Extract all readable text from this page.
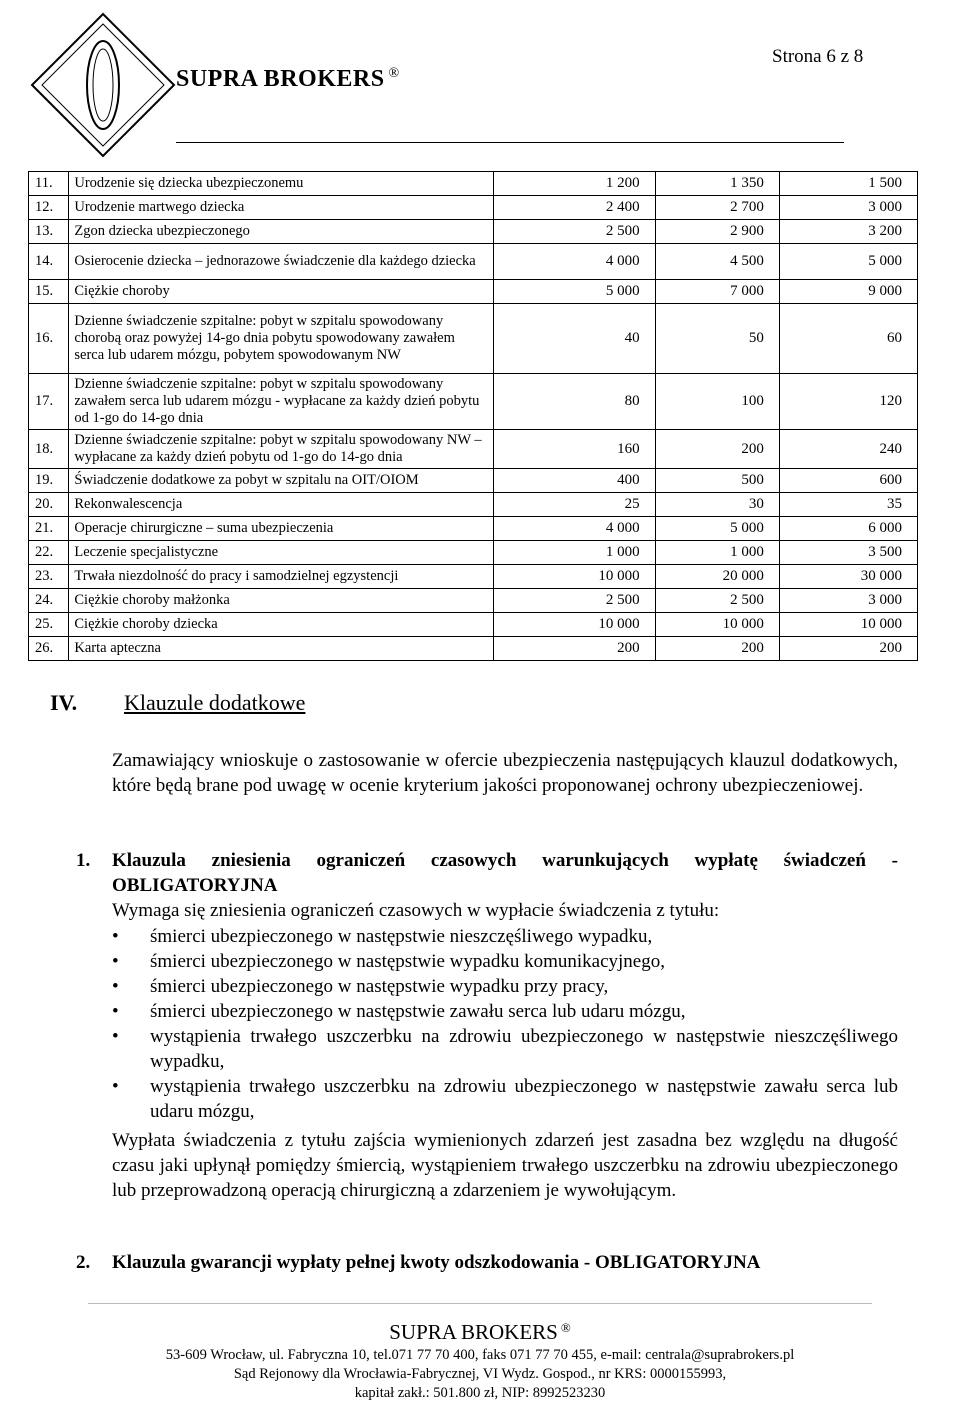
SUPRA BROKERS ®
Strona 6 z 8
11.	Urodzenie się dziecka ubezpieczonemu	1 200	1 350	1 500
12.	Urodzenie martwego dziecka	2 400	2 700	3 000
13.	Zgon dziecka ubezpieczonego	2 500	2 900	3 200
14.	Osierocenie dziecka – jednorazowe świadczenie dla każdego dziecka	4 000	4 500	5 000
15.	Ciężkie choroby	5 000	7 000	9 000
16.	Dzienne świadczenie szpitalne: pobyt w szpitalu spowodowany chorobą oraz powyżej 14-go dnia pobytu spowodowany zawałem serca lub udarem mózgu, pobytem spowodowanym NW	40	50	60
17.	Dzienne świadczenie szpitalne: pobyt w szpitalu spowodowany zawałem serca lub udarem mózgu - wypłacane za każdy dzień pobytu od 1-go do 14-go dnia	80	100	120
18.	Dzienne świadczenie szpitalne: pobyt w szpitalu spowodowany NW – wypłacane za każdy dzień pobytu od 1-go do 14-go dnia	160	200	240
19.	Świadczenie dodatkowe za pobyt w szpitalu na OIT/OIOM	400	500	600
20.	Rekonwalescencja	25	30	35
21.	Operacje chirurgiczne – suma ubezpieczenia	4 000	5 000	6 000
22.	Leczenie specjalistyczne	1 000	1 000	3 500
23.	Trwała niezdolność do pracy i samodzielnej egzystencji	10 000	20 000	30 000
24.	Ciężkie choroby małżonka	2 500	2 500	3 000
25.	Ciężkie choroby dziecka	10 000	10 000	10 000
26.	Karta apteczna	200	200	200
IV. Klauzule dodatkowe
Zamawiający wnioskuje o zastosowanie w ofercie ubezpieczenia następujących klauzul dodatkowych, które będą brane pod uwagę w ocenie kryterium jakości proponowanej ochrony ubezpieczeniowej.
1. Klauzula zniesienia ograniczeń czasowych warunkujących wypłatę świadczeń -
OBLIGATORYJNA
Wymaga się zniesienia ograniczeń czasowych w wypłacie świadczenia z tytułu:
• śmierci ubezpieczonego w następstwie nieszczęśliwego wypadku,
• śmierci ubezpieczonego w następstwie wypadku komunikacyjnego,
• śmierci ubezpieczonego w następstwie wypadku przy pracy,
• śmierci ubezpieczonego w następstwie zawału serca lub udaru mózgu,
• wystąpienia trwałego uszczerbku na zdrowiu ubezpieczonego w następstwie nieszczęśliwego wypadku,
• wystąpienia trwałego uszczerbku na zdrowiu ubezpieczonego w następstwie zawału serca lub udaru mózgu,
Wypłata świadczenia z tytułu zajścia wymienionych zdarzeń jest zasadna bez względu na długość czasu jaki upłynął pomiędzy śmiercią, wystąpieniem trwałego uszczerbku na zdrowiu ubezpieczonego lub przeprowadzoną operacją chirurgiczną a zdarzeniem je wywołującym.
2. Klauzula gwarancji wypłaty pełnej kwoty odszkodowania - OBLIGATORYJNA
SUPRA BROKERS ®
53-609 Wrocław, ul. Fabryczna 10, tel.071 77 70 400, faks 071 77 70 455, e-mail: centrala@suprabrokers.pl
Sąd Rejonowy dla Wrocławia-Fabrycznej, VI Wydz. Gospod., nr KRS: 0000155993,
kapitał zakł.: 501.800 zł, NIP: 8992523230
